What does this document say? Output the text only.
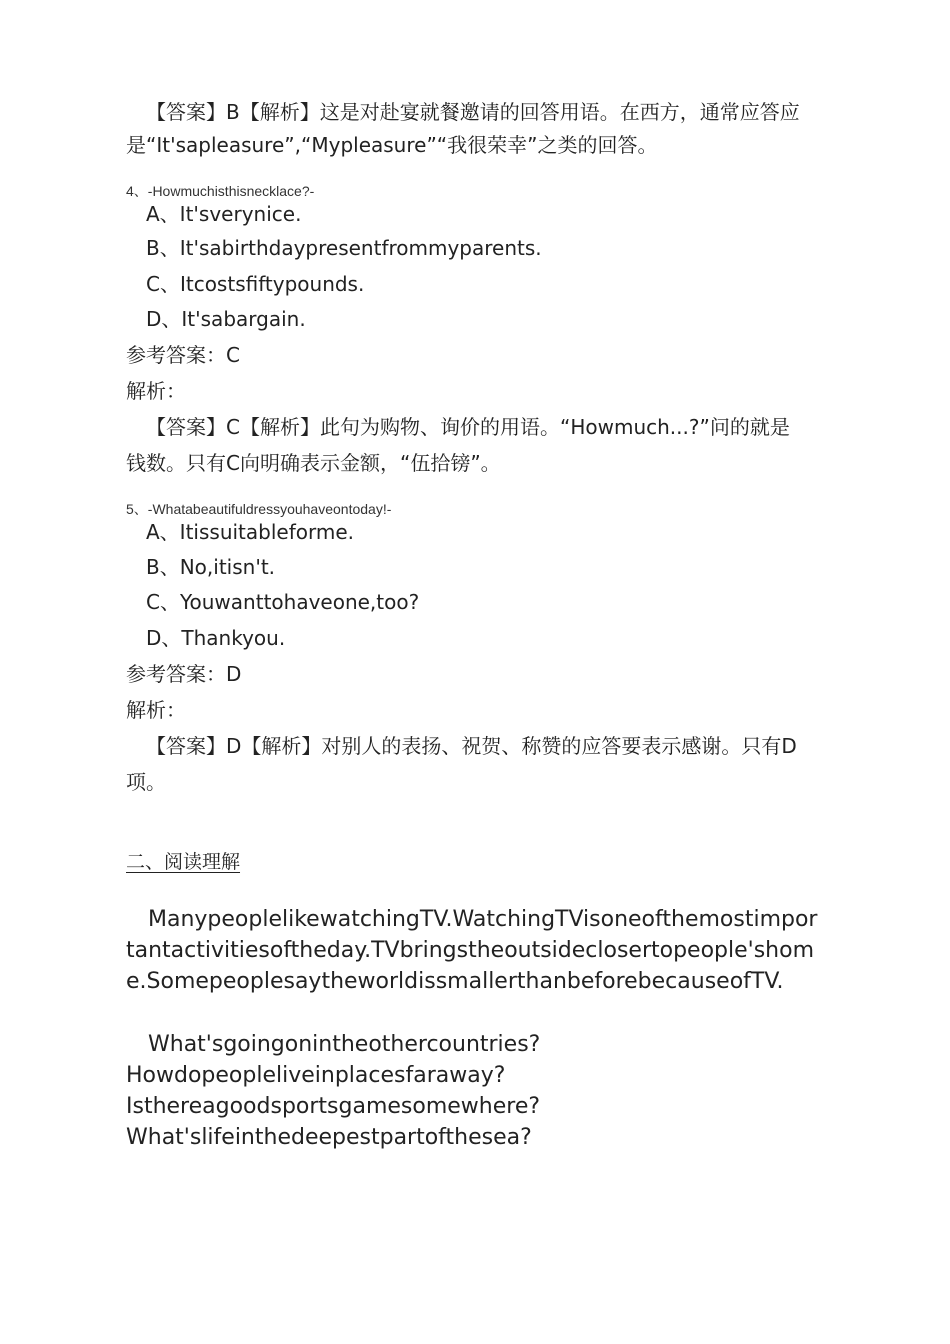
【答案】B【解析】这是对赴宴就餐邀请的回答用语。在西方，通常应答应
是“It'sapleasure”,“Mypleasure”“我很荣幸”之类的回答。
4、-Howmuchisthisnecklace?-
A、It'sverynice.
B、It'sabirthdaypresentfrommyparents.
C、Itcostsfiftypounds.
D、It'sabargain.
参考答案：C
解析：
【答案】C【解析】此句为购物、询价的用语。“Howmuch...?”问的就是
钱数。只有C向明确表示金额，“伍拾镑”。
5、-Whatabeautifuldressyouhaveontoday!-
A、Itissuitableforme.
B、No,itisn't.
C、Youwanttohaveone,too?
D、Thankyou.
参考答案：D
解析：
【答案】D【解析】对别人的表扬、祝贺、称赞的应答要表示感谢。只有D
项。
二、阅读理解
　ManypeoplelikewatchingTV.WatchingTVisoneofthemostimportantactivitiesoftheday.TVbringstheoutsideclosertopeople'shome.SomepeoplesaytheworldissmallerthanbeforebecauseofTV.
　What'sgoingonintheothercountries?
Howdopeopleliveinplacesfaraway?
Isthereagoodsportsgamesomewhere?
What'slifeinthedeepestpartofthesea?
